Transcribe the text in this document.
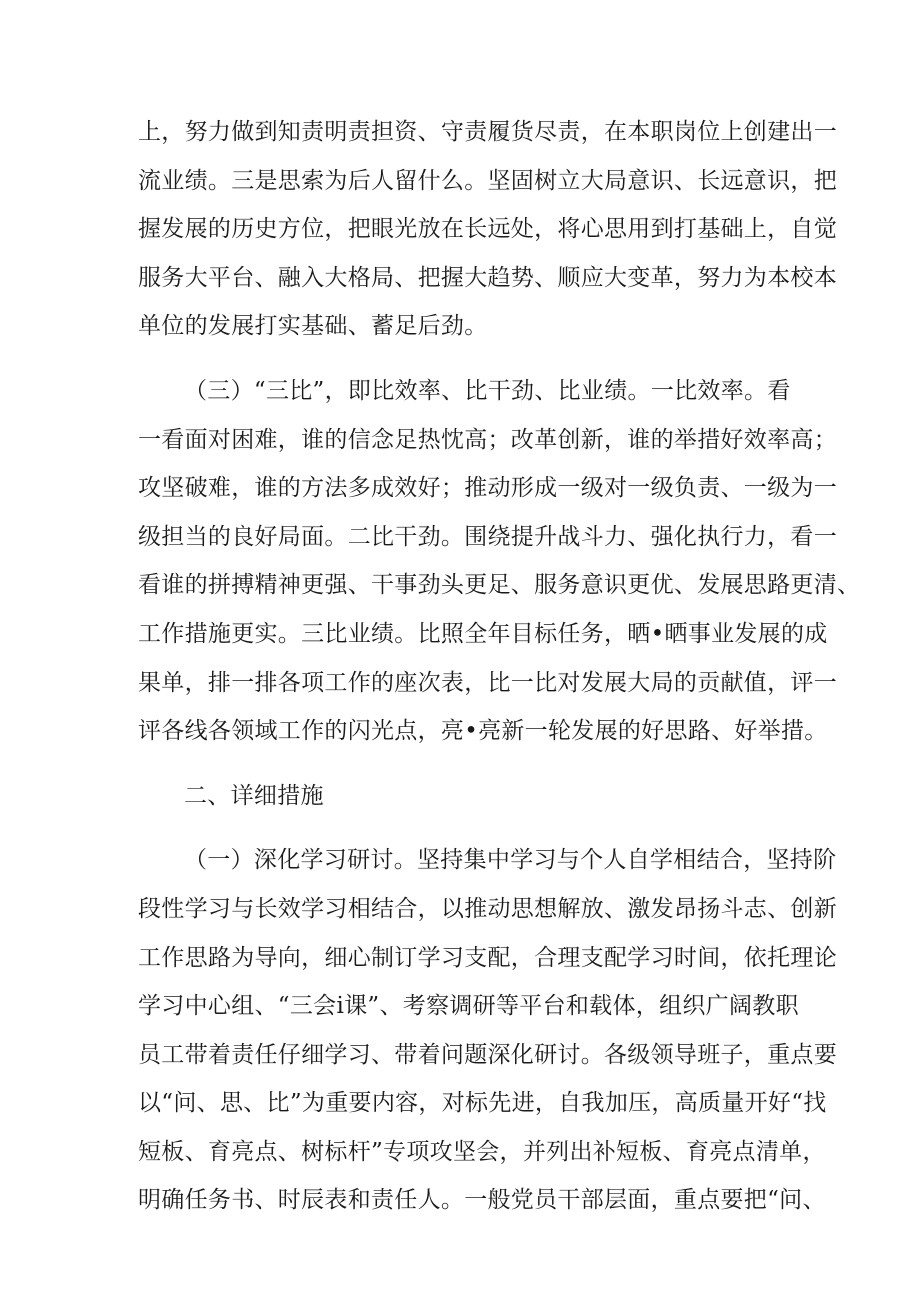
上，努力做到知责明责担资、守责履货尽责，在本职岗位上创建出一
流业绩。三是思索为后人留什么。坚固树立大局意识、长远意识，把
握发展的历史方位，把眼光放在长远处，将心思用到打基础上，自觉
服务大平台、融入大格局、把握大趋势、顺应大变革，努力为本校本
单位的发展打实基础、蓄足后劲。
（三）“三比”，即比效率、比干劲、比业绩。一比效率。看
一看面对困难，谁的信念足热忱高；改革创新，谁的举措好效率高；
攻坚破难，谁的方法多成效好；推动形成一级对一级负责、一级为一
级担当的良好局面。二比干劲。围绕提升战斗力、强化执行力，看一
看谁的拼搏精神更强、干事劲头更足、服务意识更优、发展思路更清、
工作措施更实。三比业绩。比照全年目标任务，晒•晒事业发展的成
果单，排一排各项工作的座次表，比一比对发展大局的贡献值，评一
评各线各领域工作的闪光点，亮•亮新一轮发展的好思路、好举措。
二、详细措施
（一）深化学习研讨。坚持集中学习与个人自学相结合，坚持阶
段性学习与长效学习相结合，以推动思想解放、激发昂扬斗志、创新
工作思路为导向，细心制订学习支配，合理支配学习时间，依托理论
学习中心组、“三会i课”、考察调研等平台和载体，组织广阔教职
员工带着责任仔细学习、带着问题深化研讨。各级领导班子，重点要
以“问、思、比”为重要内容，对标先进，自我加压，高质量开好“找
短板、育亮点、树标杆”专项攻坚会，并列出补短板、育亮点清单，
明确任务书、时辰表和责任人。一般党员干部层面，重点要把“问、
